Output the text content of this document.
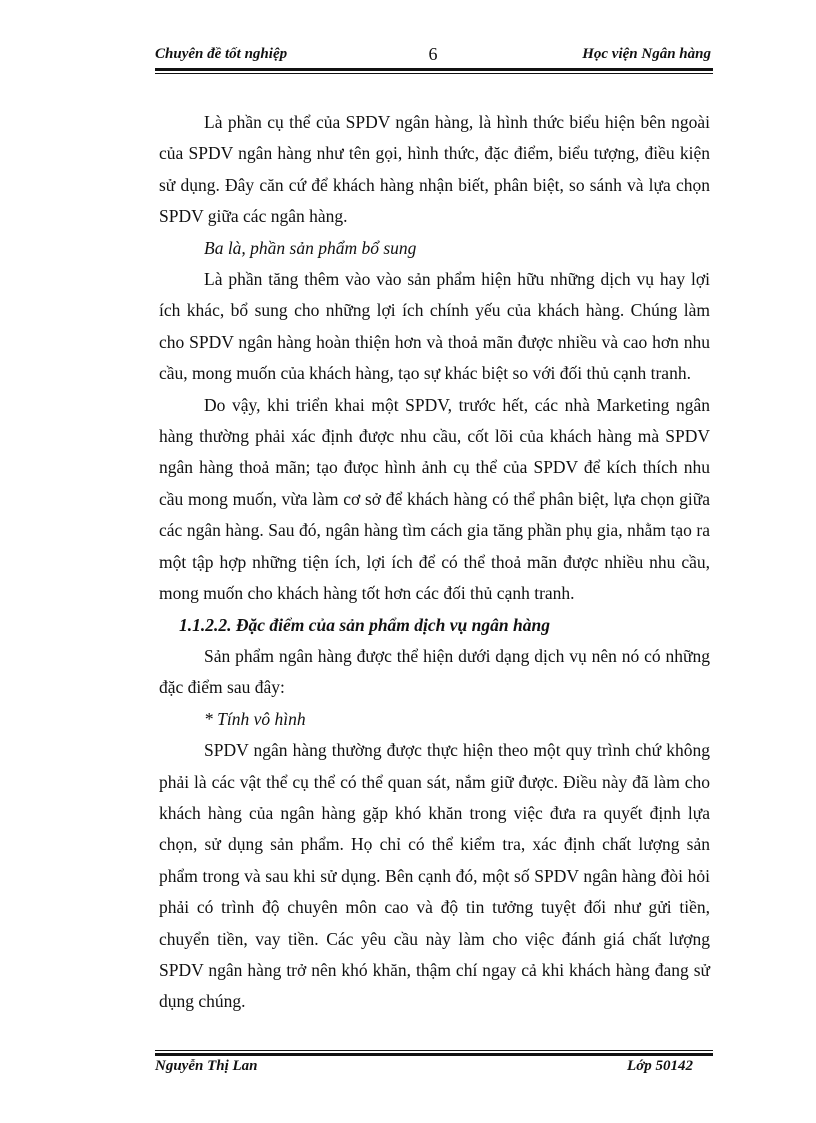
Chuyên đề tốt nghiệp	6	Học viện Ngân hàng

Là phần cụ thể của SPDV ngân hàng, là hình thức biểu hiện bên ngoài của SPDV ngân hàng như tên gọi, hình thức, đặc điểm, biểu tượng, điều kiện sử dụng. Đây căn cứ để khách hàng nhận biết, phân biệt, so sánh và lựa chọn SPDV giữa các ngân hàng.

Ba là, phần sản phẩm bổ sung

Là phần tăng thêm vào vào sản phẩm hiện hữu những dịch vụ hay lợi ích khác, bổ sung cho những lợi ích chính yếu của khách hàng. Chúng làm cho SPDV ngân hàng hoàn thiện hơn và thoả mãn được nhiều và cao hơn nhu cầu, mong muốn của khách hàng, tạo sự khác biệt so với đối thủ cạnh tranh.

Do vậy, khi triển khai một SPDV, trước hết, các nhà Marketing ngân hàng thường phải xác định được nhu cầu, cốt lõi của khách hàng mà SPDV ngân hàng thoả mãn; tạo đưọc hình ảnh cụ thể của SPDV để kích thích nhu cầu mong muốn, vừa làm cơ sở để khách hàng có thể phân biệt, lựa chọn giữa các ngân hàng. Sau đó, ngân hàng tìm cách gia tăng phần phụ gia, nhằm tạo ra một tập hợp những tiện ích, lợi ích để có thể thoả mãn được nhiều nhu cầu, mong muốn cho khách hàng tốt hơn các đối thủ cạnh tranh.

1.1.2.2. Đặc điểm của sản phẩm dịch vụ ngân hàng

Sản phẩm ngân hàng được thể hiện dưới dạng dịch vụ nên nó có những đặc điểm sau đây:

* Tính vô hình

SPDV ngân hàng thường được thực hiện theo một quy trình chứ không phải là các vật thể cụ thể có thể quan sát, nắm giữ được. Điều này đã làm cho khách hàng của ngân hàng gặp khó khăn trong việc đưa ra quyết định lựa chọn, sử dụng sản phẩm. Họ chỉ có thể kiểm tra, xác định chất lượng sản phẩm trong và sau khi sử dụng. Bên cạnh đó, một số SPDV ngân hàng đòi hỏi phải có trình độ chuyên môn cao và độ tin tưởng tuyệt đối như gửi tiền, chuyển tiền, vay tiền. Các yêu cầu này làm cho việc đánh giá chất lượng SPDV ngân hàng trở nên khó khăn, thậm chí ngay cả khi khách hàng đang sử dụng chúng.

Nguyễn Thị Lan	Lớp 50142
